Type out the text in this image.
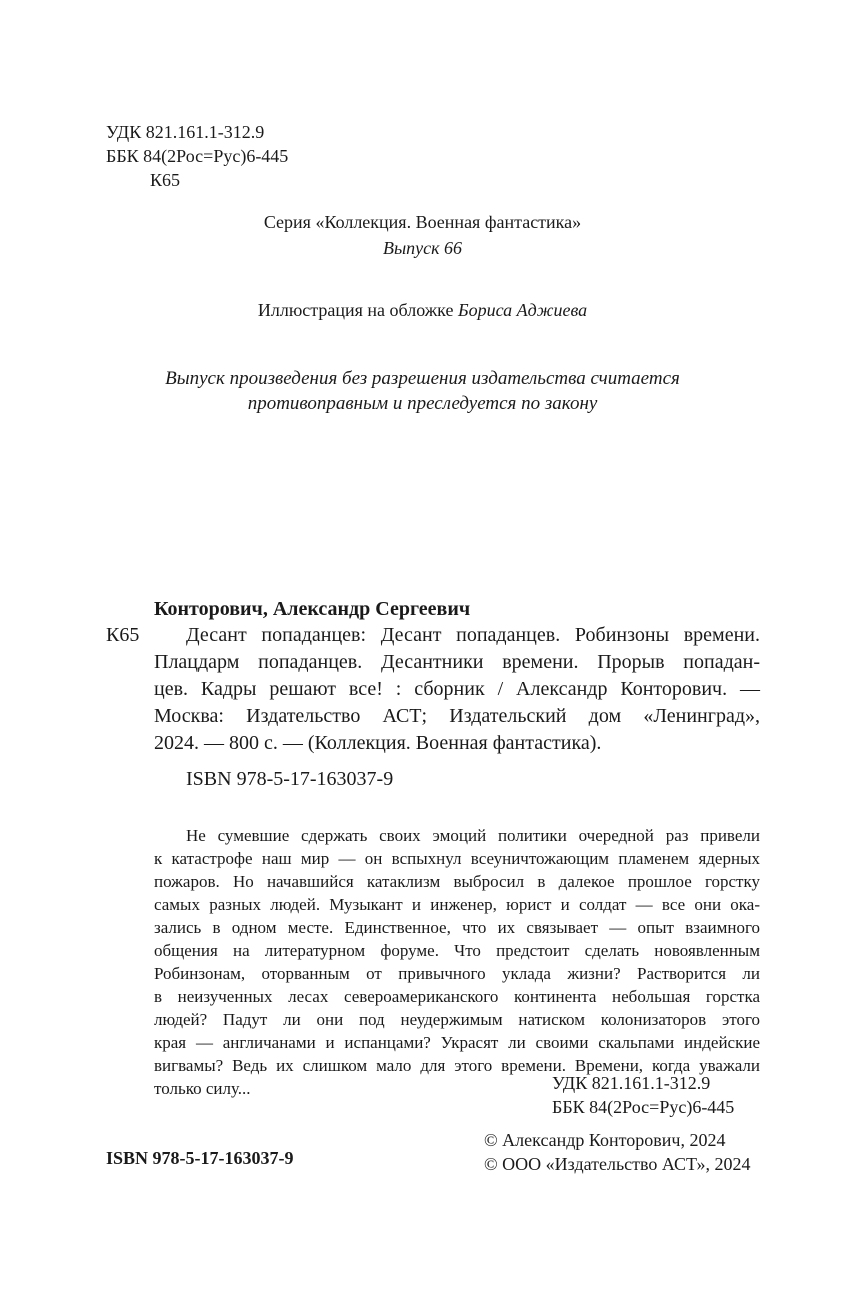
УДК 821.161.1-312.9
ББК 84(2Рос=Рус)6-445
К65
Серия «Коллекция. Военная фантастика»
Выпуск 66
Иллюстрация на обложке Бориса Аджиева
Выпуск произведения без разрешения издательства считается
противоправным и преследуется по закону
Конторович, Александр Сергеевич
К65 Десант попаданцев: Десант попаданцев. Робинзоны времени.
Плацдарм попаданцев. Десантники времени. Прорыв попадан-
цев. Кадры решают все! : сборник / Александр Конторович. —
Москва: Издательство АСТ; Издательский дом «Ленинград»,
2024. — 800 с. — (Коллекция. Военная фантастика).
ISBN 978-5-17-163037-9
Не сумевшие сдержать своих эмоций политики очередной раз привели
к катастрофе наш мир — он вспыхнул всеуничтожающим пламенем ядерных
пожаров. Но начавшийся катаклизм выбросил в далекое прошлое горстку
самых разных людей. Музыкант и инженер, юрист и солдат — все они ока-
зались в одном месте. Единственное, что их связывает — опыт взаимного
общения на литературном форуме. Что предстоит сделать новоявленным
Робинзонам, оторванным от привычного уклада жизни? Растворится ли
в неизученных лесах североамериканского континента небольшая горстка
людей? Падут ли они под неудержимым натиском колонизаторов этого
края — англичанами и испанцами? Украсят ли своими скальпами индейские
вигвамы? Ведь их слишком мало для этого времени. Времени, когда уважали
только силу...	УДК 821.161.1-312.9
ББК 84(2Рос=Рус)6-445
ISBN 978-5-17-163037-9
© Александр Конторович, 2024
© ООО «Издательство АСТ», 2024
